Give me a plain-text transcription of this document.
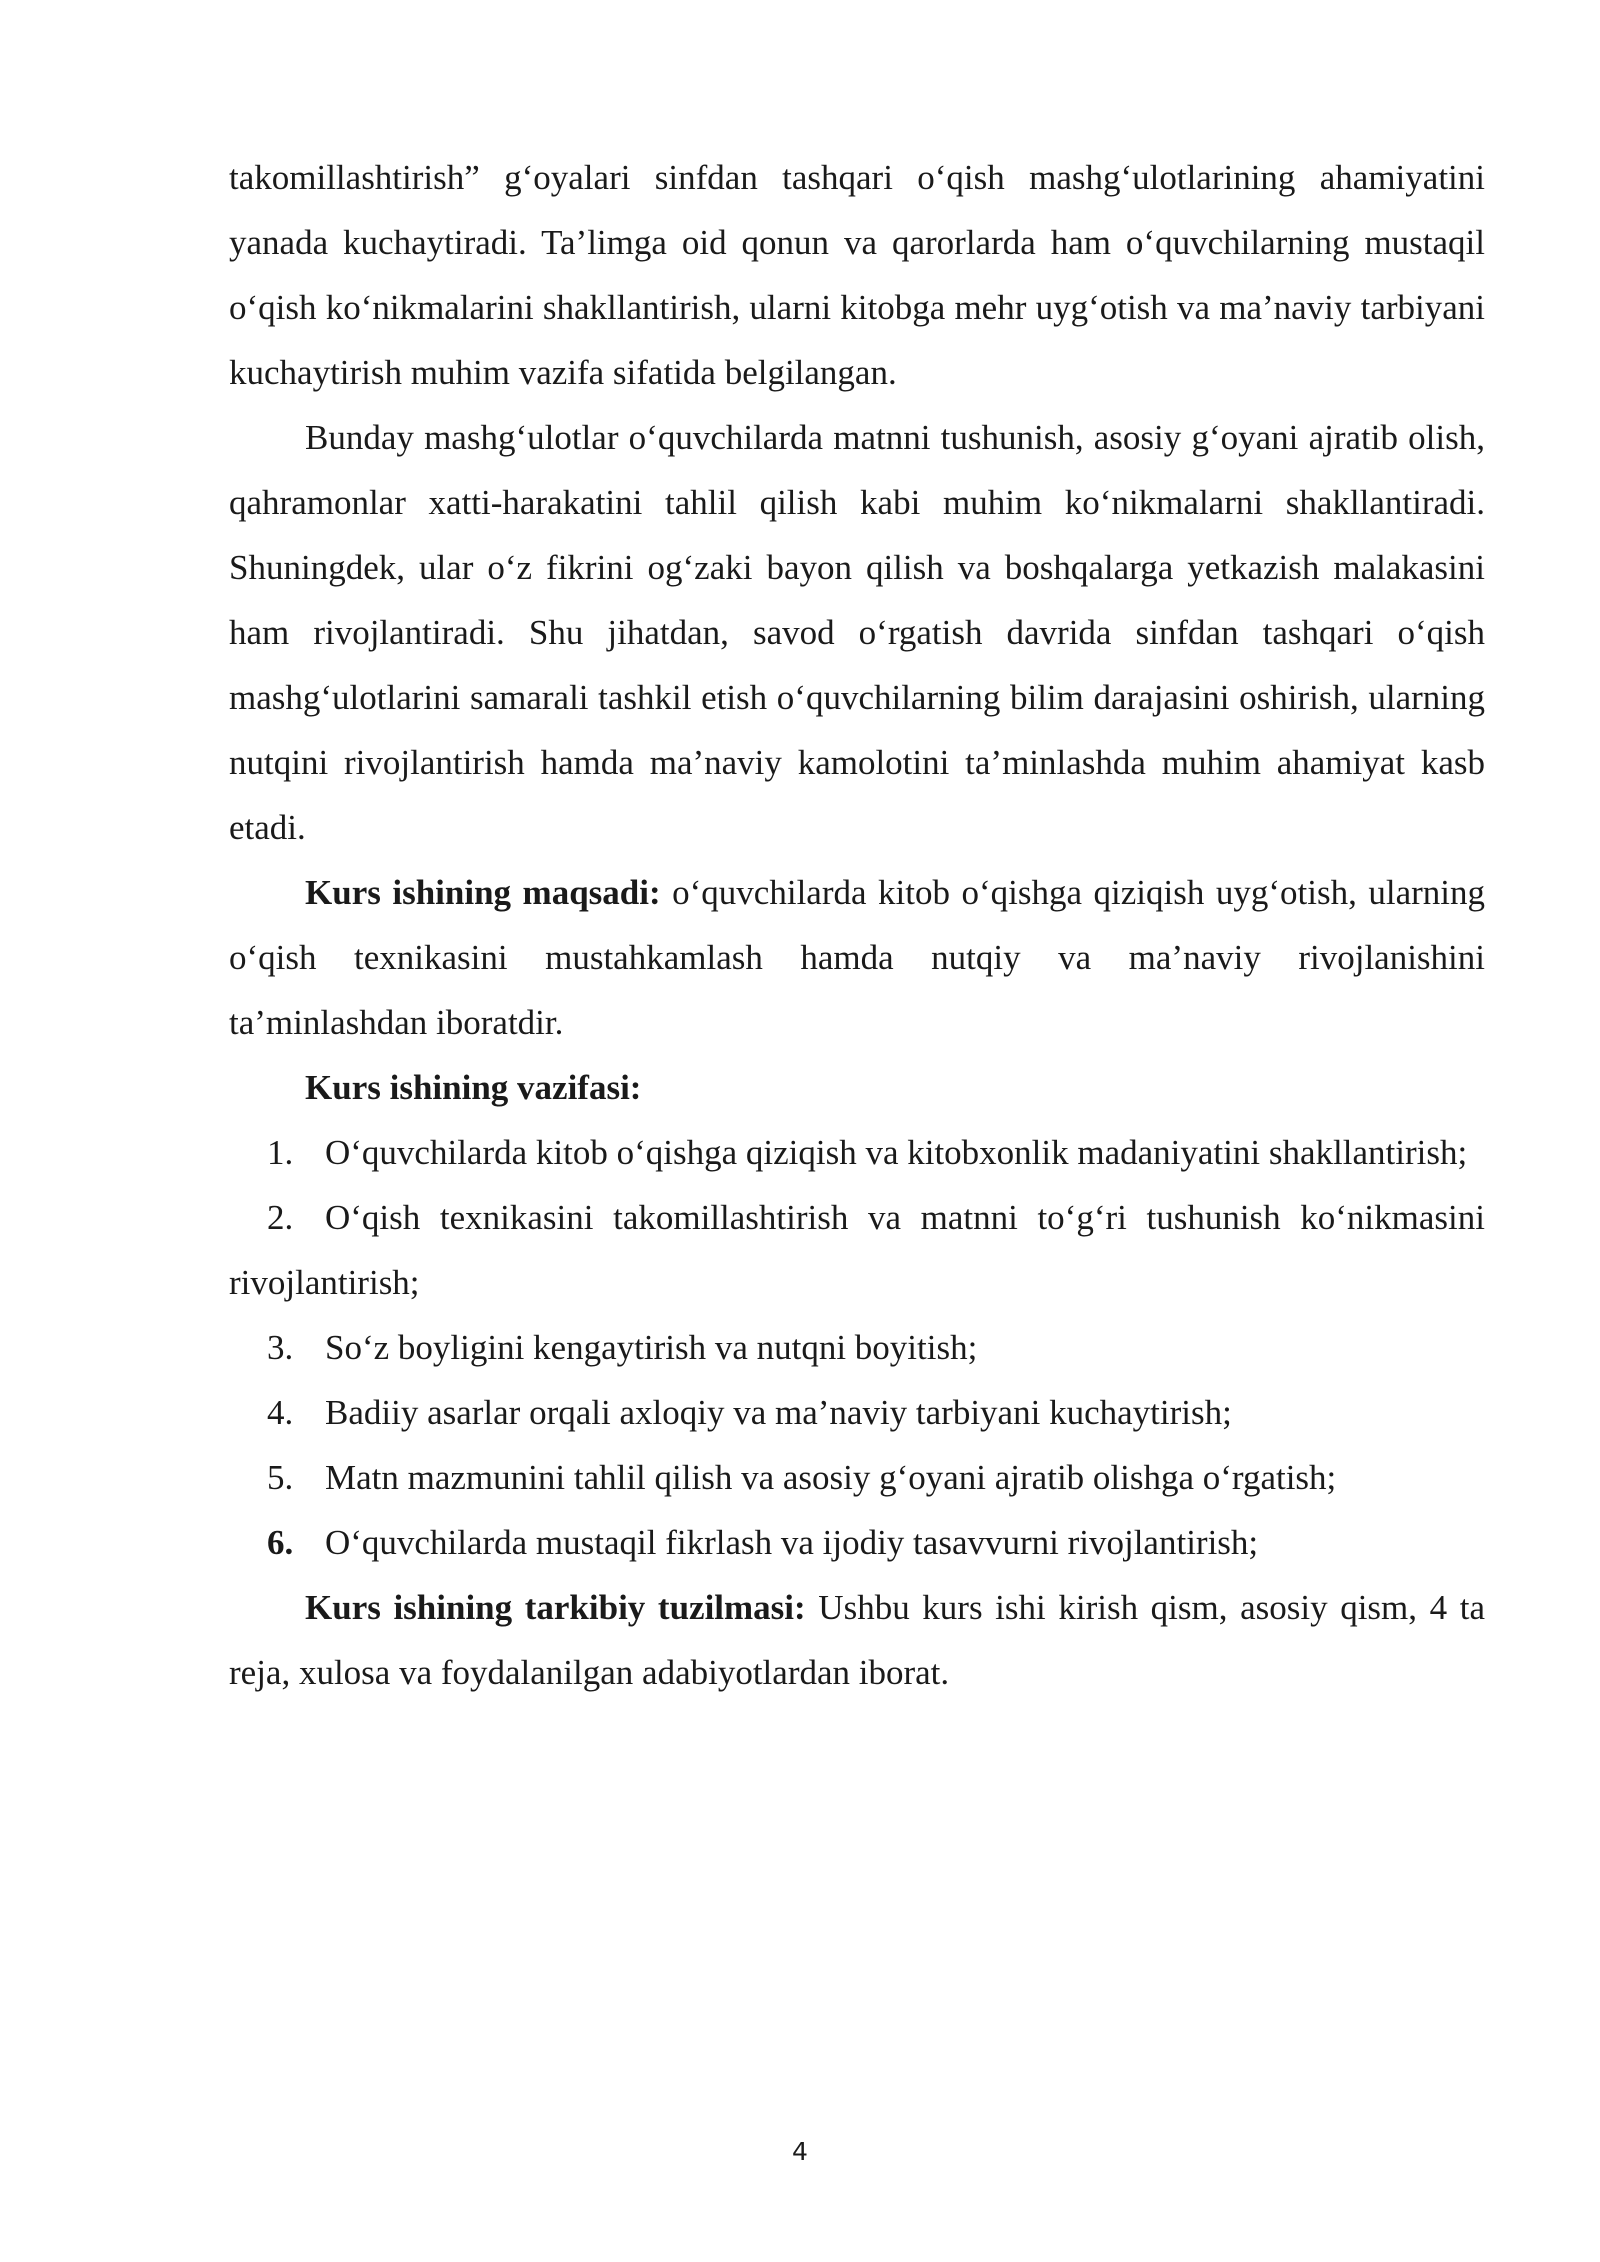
takomillashtirish” g‘oyalari sinfdan tashqari o‘qish mashg‘ulotlarining ahamiyatini yanada kuchaytiradi. Ta’limga oid qonun va qarorlarda ham o‘quvchilarning mustaqil o‘qish ko‘nikmalarini shakllantirish, ularni kitobga mehr uyg‘otish va ma’naviy tarbiyani kuchaytirish muhim vazifa sifatida belgilangan.

Bunday mashg‘ulotlar o‘quvchilarda matnni tushunish, asosiy g‘oyani ajratib olish, qahramonlar xatti-harakatini tahlil qilish kabi muhim ko‘nikmalarni shakllantiradi. Shuningdek, ular o‘z fikrini og‘zaki bayon qilish va boshqalarga yetkazish malakasini ham rivojlantiradi. Shu jihatdan, savod o‘rgatish davrida sinfdan tashqari o‘qish mashg‘ulotlarini samarali tashkil etish o‘quvchilarning bilim darajasini oshirish, ularning nutqini rivojlantirish hamda ma’naviy kamolotini ta’minlashda muhim ahamiyat kasb etadi.

Kurs ishining maqsadi: o‘quvchilarda kitob o‘qishga qiziqish uyg‘otish, ularning o‘qish texnikasini mustahkamlash hamda nutqiy va ma’naviy rivojlanishini ta’minlashdan iboratdir.

Kurs ishining vazifasi:

1. O‘quvchilarda kitob o‘qishga qiziqish va kitobxonlik madaniyatini shakllantirish;

2. O‘qish texnikasini takomillashtirish va matnni to‘g‘ri tushunish ko‘nikmasini rivojlantirish;

3. So‘z boyligini kengaytirish va nutqni boyitish;

4. Badiiy asarlar orqali axloqiy va ma’naviy tarbiyani kuchaytirish;

5. Matn mazmunini tahlil qilish va asosiy g‘oyani ajratib olishga o‘rgatish;

6. O‘quvchilarda mustaqil fikrlash va ijodiy tasavvurni rivojlantirish;

Kurs ishining tarkibiy tuzilmasi: Ushbu kurs ishi kirish qism, asosiy qism, 4 ta reja, xulosa va foydalanilgan adabiyotlardan iborat.

4
